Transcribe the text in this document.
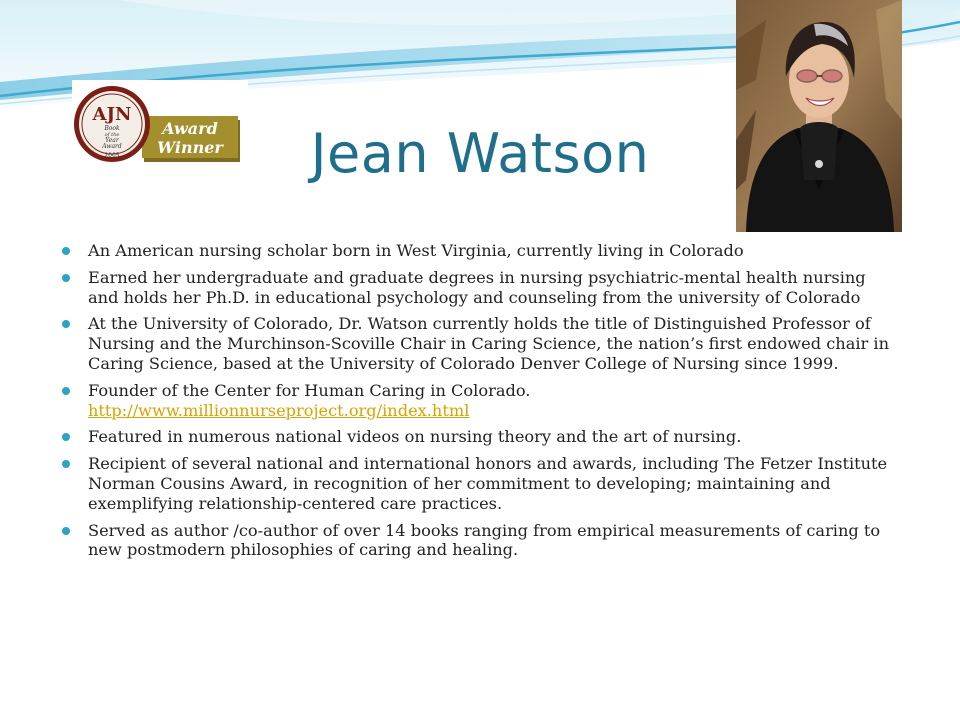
Award
Winner
AJN
Book
of the
Year
Award
2005	Jean Watson
An American nursing scholar born in West Virginia, currently living in Colorado
Earned her undergraduate and graduate degrees in nursing psychiatric-mental health nursing and holds her Ph.D. in educational psychology and counseling from the university of Colorado
At the University of Colorado, Dr. Watson currently holds the title of Distinguished Professor of Nursing and the Murchinson-Scoville Chair in Caring Science, the nation’s first endowed chair in Caring Science, based at the University of Colorado Denver College of Nursing since 1999.
Founder of the Center for Human Caring in Colorado.
http://www.millionnurseproject.org/index.html
Featured in numerous national videos on nursing theory and the art of nursing.
Recipient of several national and international honors and awards, including The Fetzer Institute Norman Cousins Award, in recognition of her commitment to developing; maintaining and exemplifying relationship-centered care practices.
Served as author /co-author of over 14 books ranging from empirical measurements of caring to new postmodern philosophies of caring and healing.
